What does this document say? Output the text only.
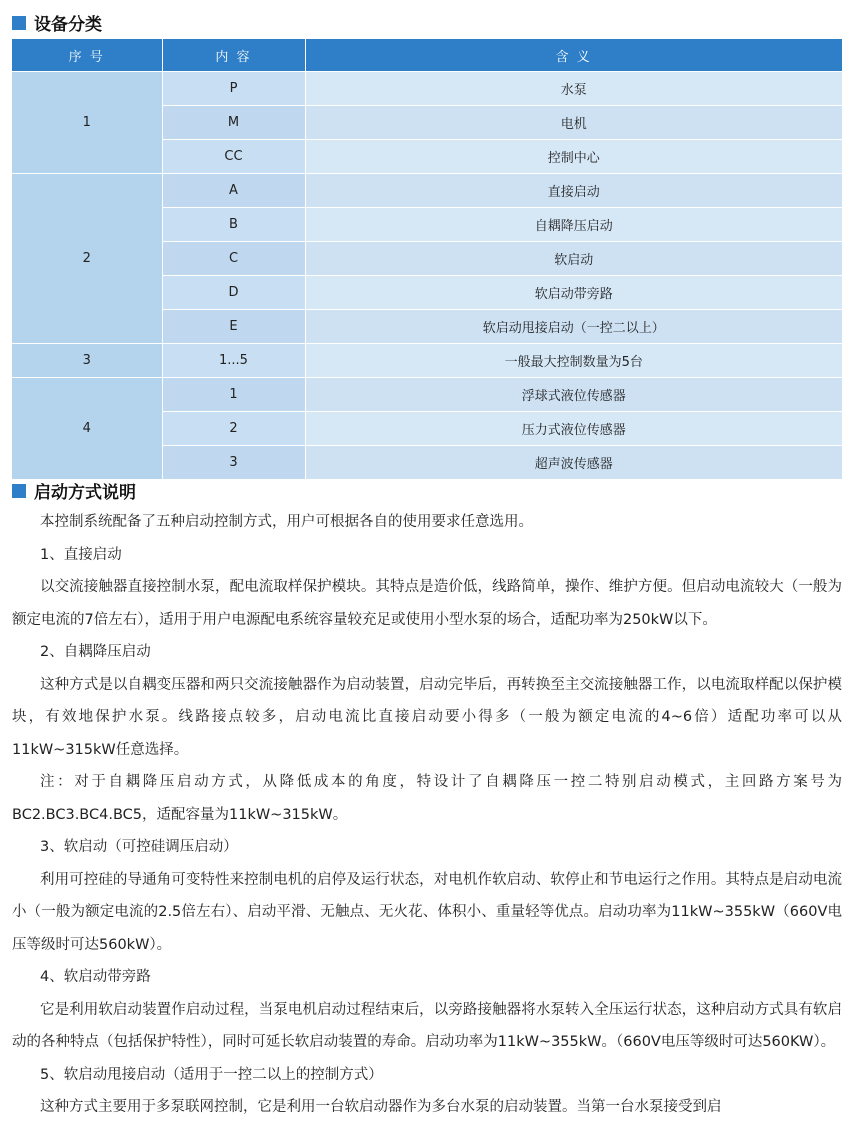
设备分类
序 号	内 容	含 义
1	P	水泵
	M	电机
	CC	控制中心
2	A	直接启动
	B	自耦降压启动
	C	软启动
	D	软启动带旁路
	E	软启动甩接启动（一控二以上）
3	1...5	一般最大控制数量为5台
4	1	浮球式液位传感器
	2	压力式液位传感器
	3	超声波传感器
启动方式说明

本控制系统配备了五种启动控制方式，用户可根据各自的使用要求任意选用。

1、直接启动

以交流接触器直接控制水泵，配电流取样保护模块。其特点是造价低，线路简单，操作、维护方便。但启动电流较大（一般为额定电流的7倍左右），适用于用户电源配电系统容量较充足或使用小型水泵的场合，适配功率为250kW以下。

2、自耦降压启动

这种方式是以自耦变压器和两只交流接触器作为启动装置，启动完毕后，再转换至主交流接触器工作，以电流取样配以保护模块，有效地保护水泵。线路接点较多，启动电流比直接启动要小得多（一般为额定电流的4~6倍）适配功率可以从11kW~315kW任意选择。

注：对于自耦降压启动方式，从降低成本的角度，特设计了自耦降压一控二特别启动模式，主回路方案号为BC2.BC3.BC4.BC5，适配容量为11kW~315kW。

3、软启动（可控硅调压启动）

利用可控硅的导通角可变特性来控制电机的启停及运行状态，对电机作软启动、软停止和节电运行之作用。其特点是启动电流小（一般为额定电流的2.5倍左右）、启动平滑、无触点、无火花、体积小、重量轻等优点。启动功率为11kW~355kW（660V电压等级时可达560kW）。

4、软启动带旁路

它是利用软启动装置作启动过程，当泵电机启动过程结束后，以旁路接触器将水泵转入全压运行状态，这种启动方式具有软启动的各种特点（包括保护特性），同时可延长软启动装置的寿命。启动功率为11kW~355kW。（660V电压等级时可达560KW）。

5、软启动甩接启动（适用于一控二以上的控制方式）

这种方式主要用于多泵联网控制，它是利用一台软启动器作为多台水泵的启动装置。当第一台水泵接受到启
